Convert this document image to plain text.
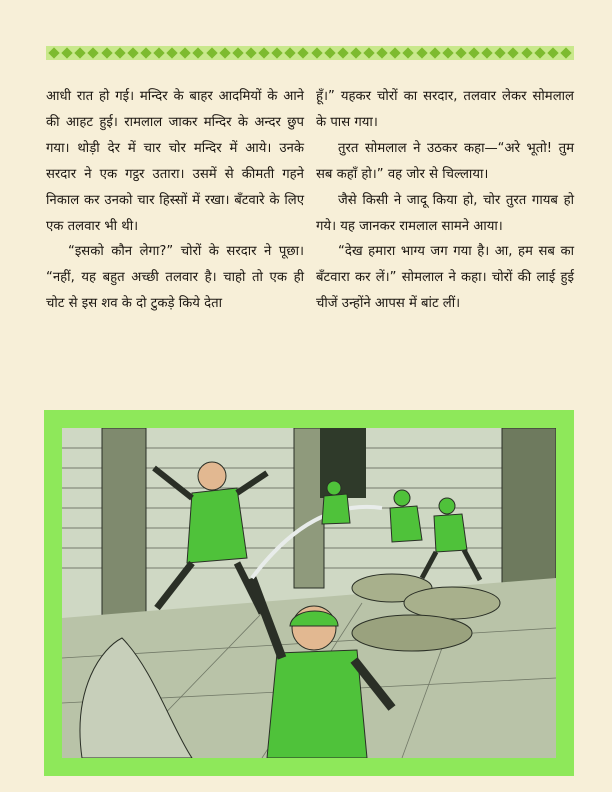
आधी रात हो गई। मन्दिर के बाहर आदमियों के आने की आहट हुई। रामलाल जाकर मन्दिर के अन्दर छुप गया। थोड़ी देर में चार चोर मन्दिर में आये। उनके सरदार ने एक गट्ठर उतारा। उसमें से कीमती गहने निकाल कर उनको चार हिस्सों में रखा। बँटवारे के लिए एक तलवार भी थी।

“इसको कौन लेगा?” चोरों के सरदार ने पूछा। “नहीं, यह बहुत अच्छी तलवार है। चाहो तो एक ही चोट से इस शव के दो टुकड़े किये देता

हूँ।” यहकर चोरों का सरदार, तलवार लेकर सोमलाल के पास गया।

तुरत सोमलाल ने उठकर कहा—“अरे भूतो! तुम सब कहाँ हो।” वह जोर से चिल्लाया।

जैसे किसी ने जादू किया हो, चोर तुरत गायब हो गये। यह जानकर रामलाल सामने आया।

“देख हमारा भाग्य जग गया है। आ, हम सब का बँटवारा कर लें।” सोमलाल ने कहा। चोरों की लाई हुई चीजें उन्होंने आपस में बांट लीं।
